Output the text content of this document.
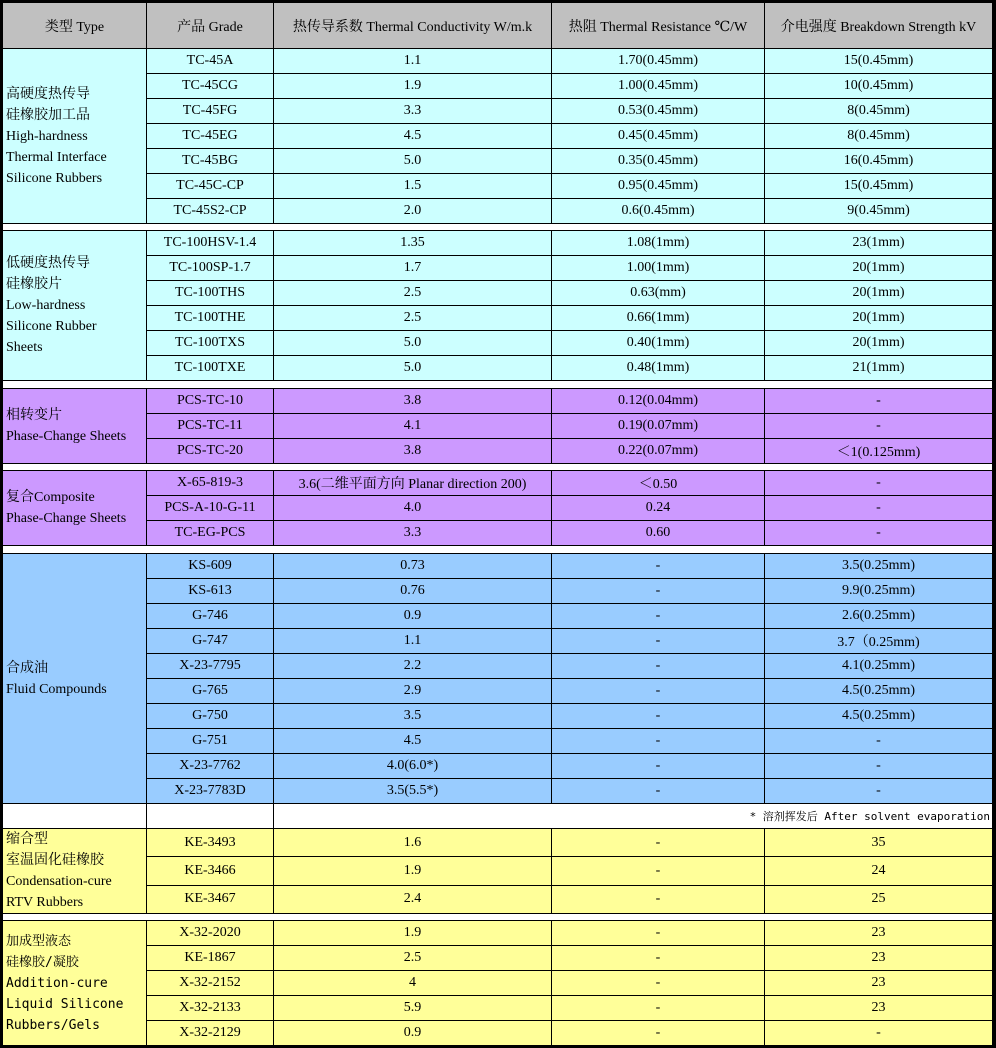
类型 Type	产品 Grade	热传导系数 Thermal Conductivity W/m.k	热阻 Thermal Resistance ℃/W	介电强度 Breakdown Strength kV

高硬度热传导
硅橡胶加工品
High-hardness
Thermal Interface
Silicone Rubbers	TC-45A	1.1	1.70(0.45mm)	15(0.45mm)
	TC-45CG	1.9	1.00(0.45mm)	10(0.45mm)
	TC-45FG	3.3	0.53(0.45mm)	8(0.45mm)
	TC-45EG	4.5	0.45(0.45mm)	8(0.45mm)
	TC-45BG	5.0	0.35(0.45mm)	16(0.45mm)
	TC-45C-CP	1.5	0.95(0.45mm)	15(0.45mm)
	TC-45S2-CP	2.0	0.6(0.45mm)	9(0.45mm)

低硬度热传导
硅橡胶片
Low-hardness
Silicone Rubber
Sheets	TC-100HSV-1.4	1.35	1.08(1mm)	23(1mm)
	TC-100SP-1.7	1.7	1.00(1mm)	20(1mm)
	TC-100THS	2.5	0.63(mm)	20(1mm)
	TC-100THE	2.5	0.66(1mm)	20(1mm)
	TC-100TXS	5.0	0.40(1mm)	20(1mm)
	TC-100TXE	5.0	0.48(1mm)	21(1mm)

相转变片
Phase-Change Sheets	PCS-TC-10	3.8	0.12(0.04mm)	-
	PCS-TC-11	4.1	0.19(0.07mm)	-
	PCS-TC-20	3.8	0.22(0.07mm)	＜1(0.125mm)

复合Composite
Phase-Change Sheets	X-65-819-3	3.6(二维平面方向 Planar direction 200)	＜0.50	-
	PCS-A-10-G-11	4.0	0.24	-
	TC-EG-PCS	3.3	0.60	-

合成油
Fluid Compounds	KS-609	0.73	-	3.5(0.25mm)
	KS-613	0.76	-	9.9(0.25mm)
	G-746	0.9	-	2.6(0.25mm)
	G-747	1.1	-	3.7（0.25mm)
	X-23-7795	2.2	-	4.1(0.25mm)
	G-765	2.9	-	4.5(0.25mm)
	G-750	3.5	-	4.5(0.25mm)
	G-751	4.5	-	-
	X-23-7762	4.0(6.0*)	-	-
	X-23-7783D	3.5(5.5*)	-	-
		* 溶剂挥发后 After solvent evaporation		

缩合型
室温固化硅橡胶
Condensation-cure
RTV Rubbers	KE-3493	1.6	-	35
	KE-3466	1.9	-	24
	KE-3467	2.4	-	25

加成型液态
硅橡胶/凝胶
Addition-cure
Liquid Silicone
Rubbers/Gels	X-32-2020	1.9	-	23
	KE-1867	2.5	-	23
	X-32-2152	4	-	23
	X-32-2133	5.9	-	23
	X-32-2129	0.9	-	-
